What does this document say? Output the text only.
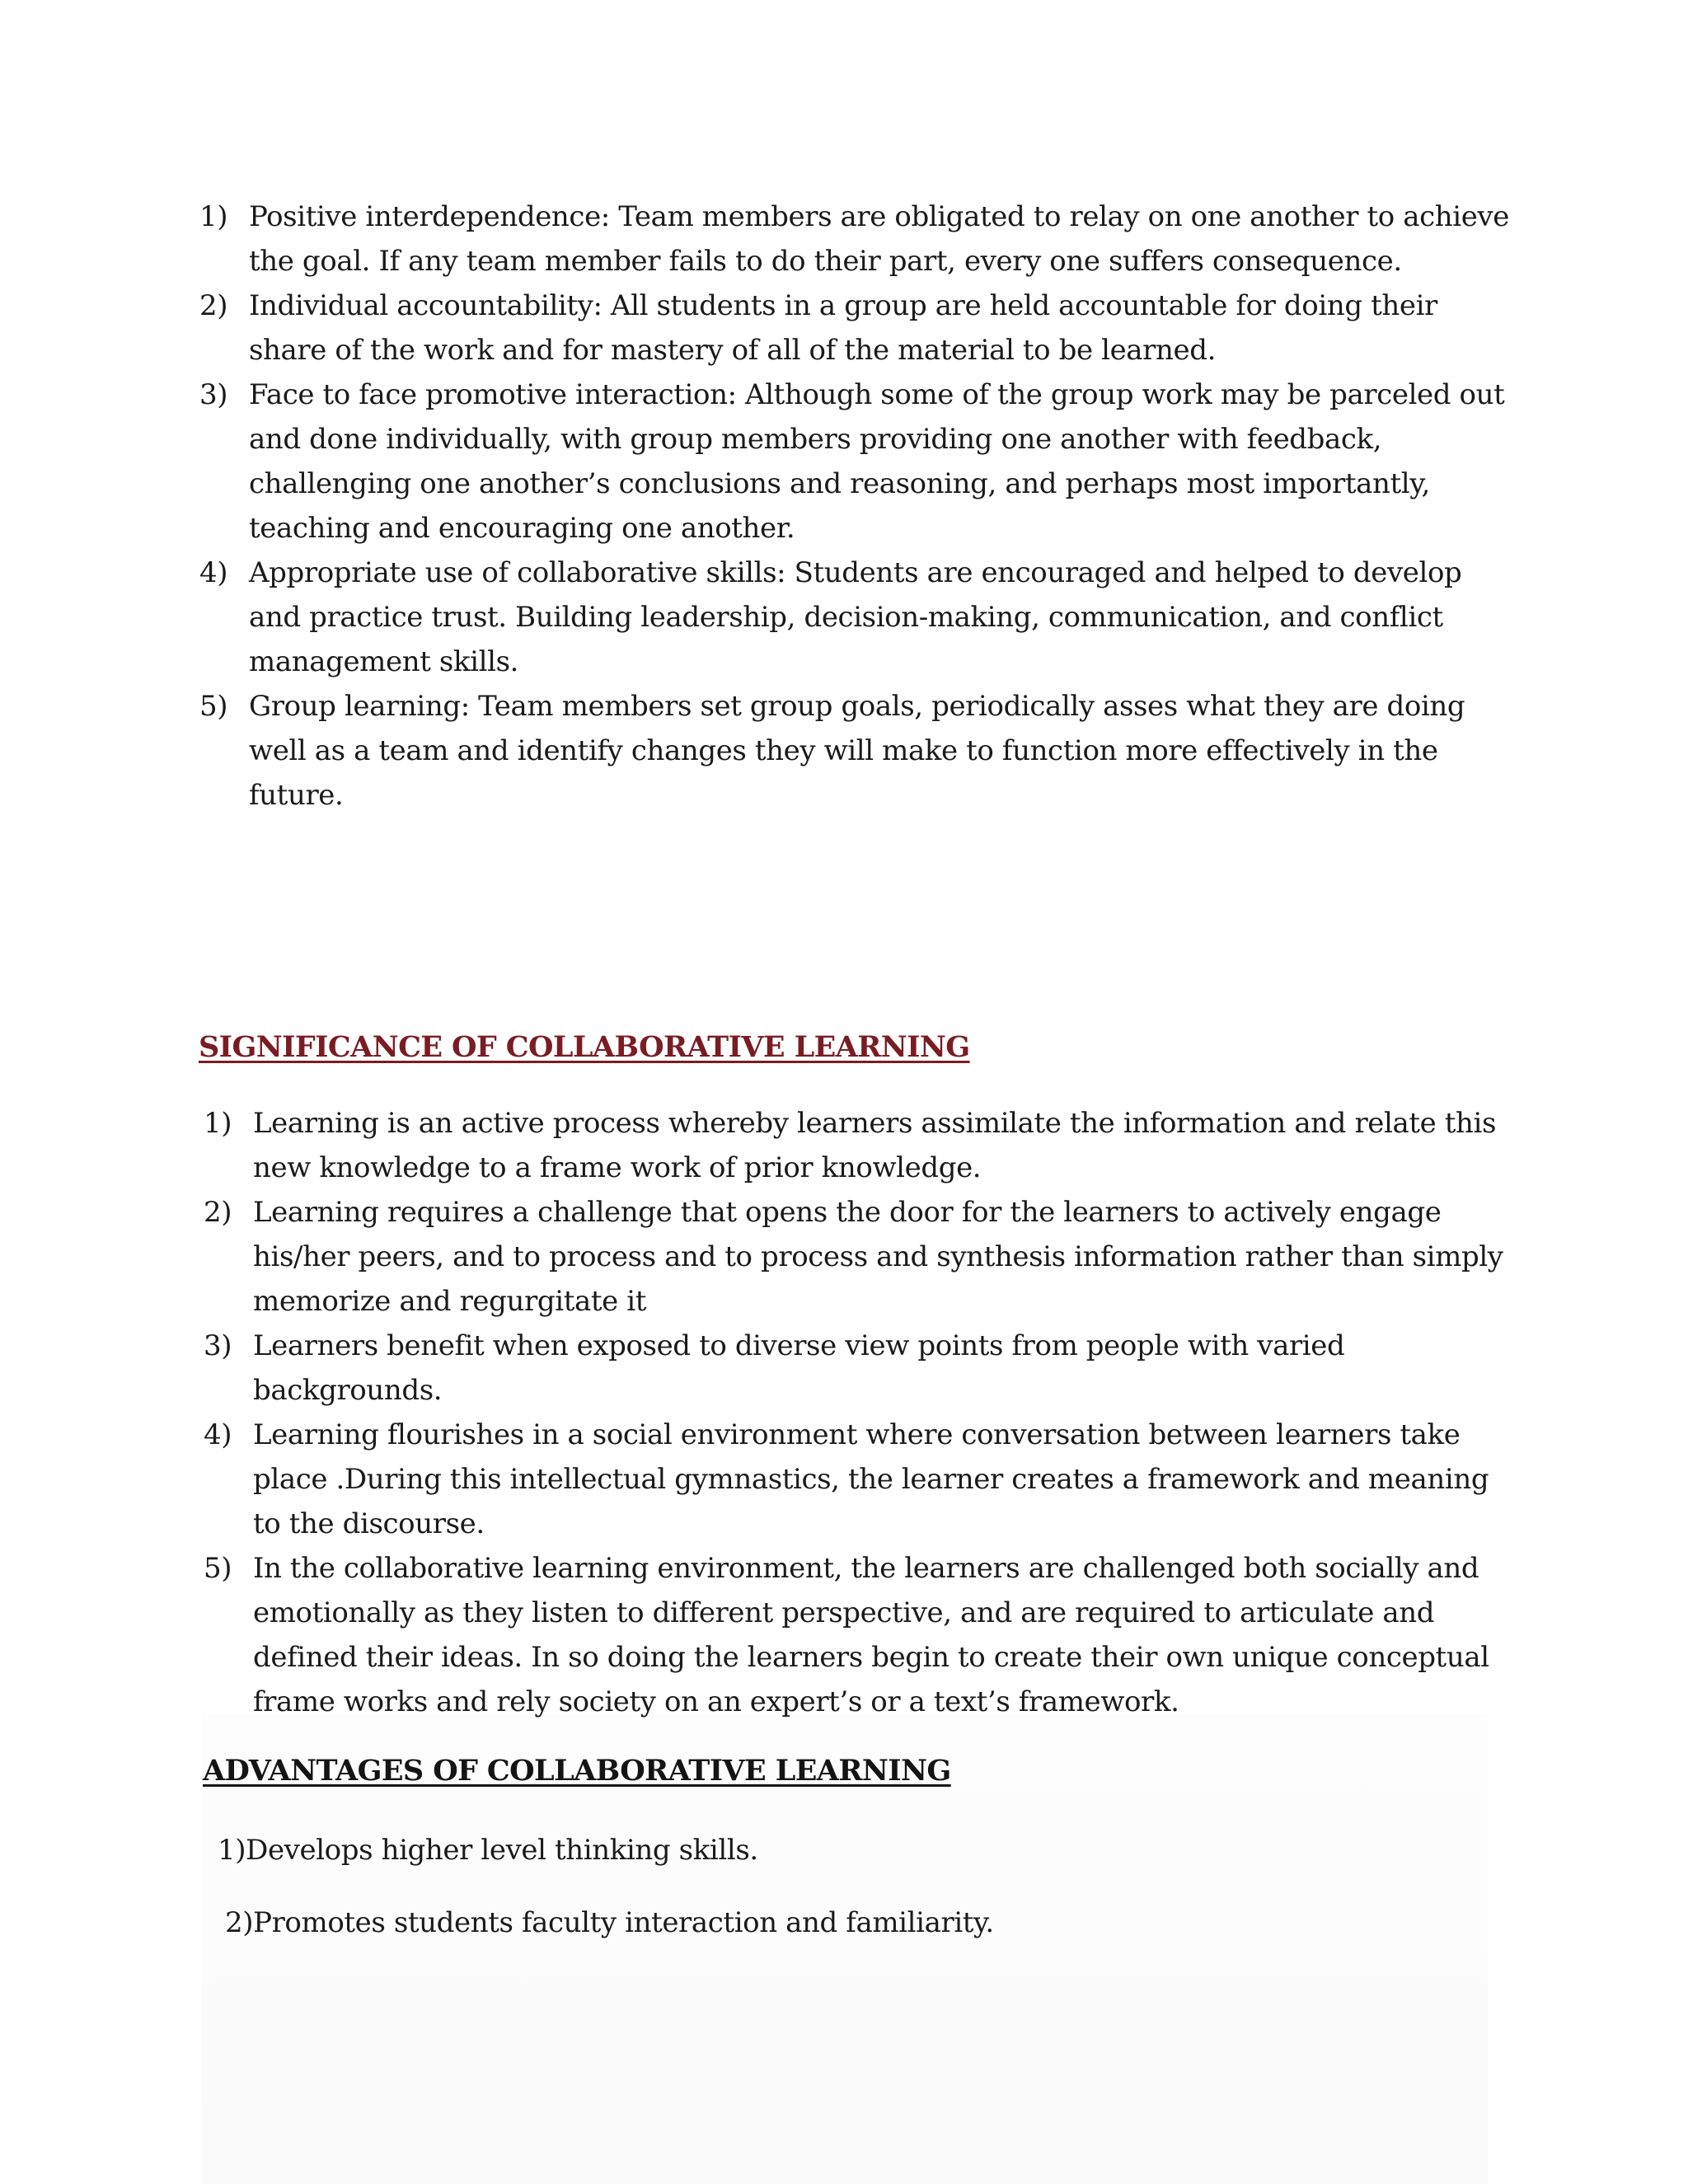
1) Positive interdependence: Team members are obligated to relay on one another to achieve the goal. If any team member fails to do their part, every one suffers consequence.
2) Individual accountability: All students in a group are held accountable for doing their share of the work and for mastery of all of the material to be learned.
3) Face to face promotive interaction: Although some of the group work may be parceled out and done individually, with group members providing one another with feedback, challenging one another’s conclusions and reasoning, and perhaps most importantly, teaching and encouraging one another.
4) Appropriate use of collaborative skills: Students are encouraged and helped to develop and practice trust. Building leadership, decision-making, communication, and conflict management skills.
5) Group learning: Team members set group goals, periodically asses what they are doing well as a team and identify changes they will make to function more effectively in the future.
SIGNIFICANCE OF COLLABORATIVE LEARNING
1) Learning is an active process whereby learners assimilate the information and relate this new knowledge to a frame work of prior knowledge.
2) Learning requires a challenge that opens the door for the learners to actively engage his/her peers, and to process and to process and synthesis information rather than simply memorize and regurgitate it
3) Learners benefit when exposed to diverse view points from people with varied backgrounds.
4) Learning flourishes in a social environment where conversation between learners take place .During this intellectual gymnastics, the learner creates a framework and meaning to the discourse.
5) In the collaborative learning environment, the learners are challenged both socially and emotionally as they listen to different perspective, and are required to articulate and defined their ideas. In so doing the learners begin to create their own unique conceptual frame works and rely society on an expert’s or a text’s framework.
ADVANTAGES OF COLLABORATIVE LEARNING

1)Develops higher level thinking skills.

2)Promotes students faculty interaction and familiarity.
